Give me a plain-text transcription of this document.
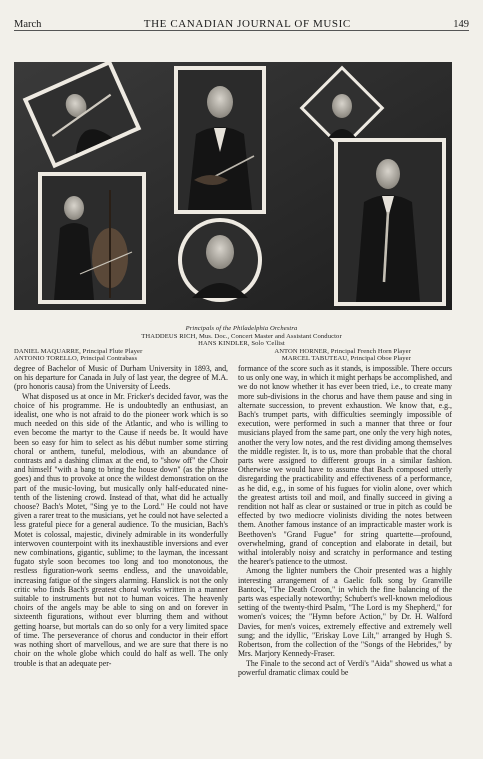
March	THE CANADIAN JOURNAL OF MUSIC	149
Principals of the Philadelphia Orchestra
THADDEUS RICH, Mus. Doc., Concert Master and Assistant Conductor
HANS KINDLER, Solo 'Cellist
DANIEL MAQUARRE, Principal Flute Player	ANTON HORNER, Principal French Horn Player
ANTONIO TORELLO, Principal Contrabass	MARCEL TABUTEAU, Principal Oboe Player

degree of Bachelor of Music of Durham University in 1893, and, on his departure for Canada in July of last year, the degree of M.A. (pro honoris causa) from the University of Leeds.

What disposed us at once in Mr. Fricker's decided favor, was the choice of his programme. He is undoubtedly an enthusiast, an idealist, one who is not afraid to do the pioneer work which is so much needed on this side of the Atlantic, and who is willing to even become the martyr to the Cause if needs be. It would have been so easy for him to select as his début number some stirring choral or anthem, tuneful, melodious, with an abundance of contrasts and a dashing climax at the end, to "show off" the Choir and himself "with a bang to bring the house down" (as the phrase goes) and thus to provoke at once the wildest demonstration on the part of the music-loving, but musically only half-educated nine-tenth of the listening crowd. Instead of that, what did he actually choose? Bach's Motet, "Sing ye to the Lord." He could not have given a rarer treat to the musicians, yet he could not have selected a less grateful piece for a general audience. To the musician, Bach's Motet is colossal, majestic, divinely admirable in its wonderfully interwoven counterpoint with its inexhaustible inversions and ever new combinations, gigantic, sublime; to the layman, the incessant fugato style soon becomes too long and too monotonous, the restless figuration-work seems endless, and the unavoidable, increasing fatigue of the singers alarming. Hanslick is not the only critic who finds Bach's greatest choral works written in a manner suitable to instruments but not to human voices. The heavenly choirs of the angels may be able to sing on and on forever in sixteenth figurations, without ever blurring them and without getting hoarse, but mortals can do so only for a very limited space of time. The perseverance of chorus and conductor in their effort was nothing short of marvellous, and we are sure that there is no choir on the whole globe which could do half as well. The only trouble is that an adequate per-

formance of the score such as it stands, is impossible. There occurs to us only one way, in which it might perhaps be accomplished, and we do not know whether it has ever been tried, i.e., to create many more sub-divisions in the chorus and have them pause and sing in alternate succession, to prevent exhaustion. We know that, e.g., Bach's trumpet parts, with difficulties seemingly impossible of execution, were performed in such a manner that three or four musicians played from the same part, one only the very high notes, another the very low notes, and the rest dividing among themselves the middle register. It, is to us, more than probable that the choral parts were assigned to different groups in a similar fashion. Otherwise we would have to assume that Bach composed utterly disregarding the practicability and effectiveness of a performance, as he did, e.g., in some of his fugues for violin alone, over which the greatest artists toil and moil, and finally succeed in giving a rendition not half as clear or sustained or true in pitch as could be effected by two mediocre violinists dividing the notes between them. Another famous instance of an impracticable master work is Beethoven's "Grand Fugue" for string quartette—profound, overwhelming, grand of conception and elaborate in detail, but withal intolerably noisy and scratchy in performance and testing the hearer's patience to the utmost.

Among the lighter numbers the Choir presented was a highly interesting arrangement of a Gaelic folk song by Granville Bantock, "The Death Croon," in which the fine balancing of the parts was especially noteworthy; Schubert's well-known melodious setting of the twenty-third Psalm, "The Lord is my Shepherd," for women's voices; the "Hymn before Action," by Dr. H. Walford Davies, for men's voices, extremely effective and extremely well sung; and the idyllic, "Eriskay Love Lilt," arranged by Hugh S. Robertson, from the collection of the "Songs of the Hebrides," by Mrs. Marjory Kennedy-Fraser.

The Finale to the second act of Verdi's "Aida" showed us what a powerful dramatic climax could be
